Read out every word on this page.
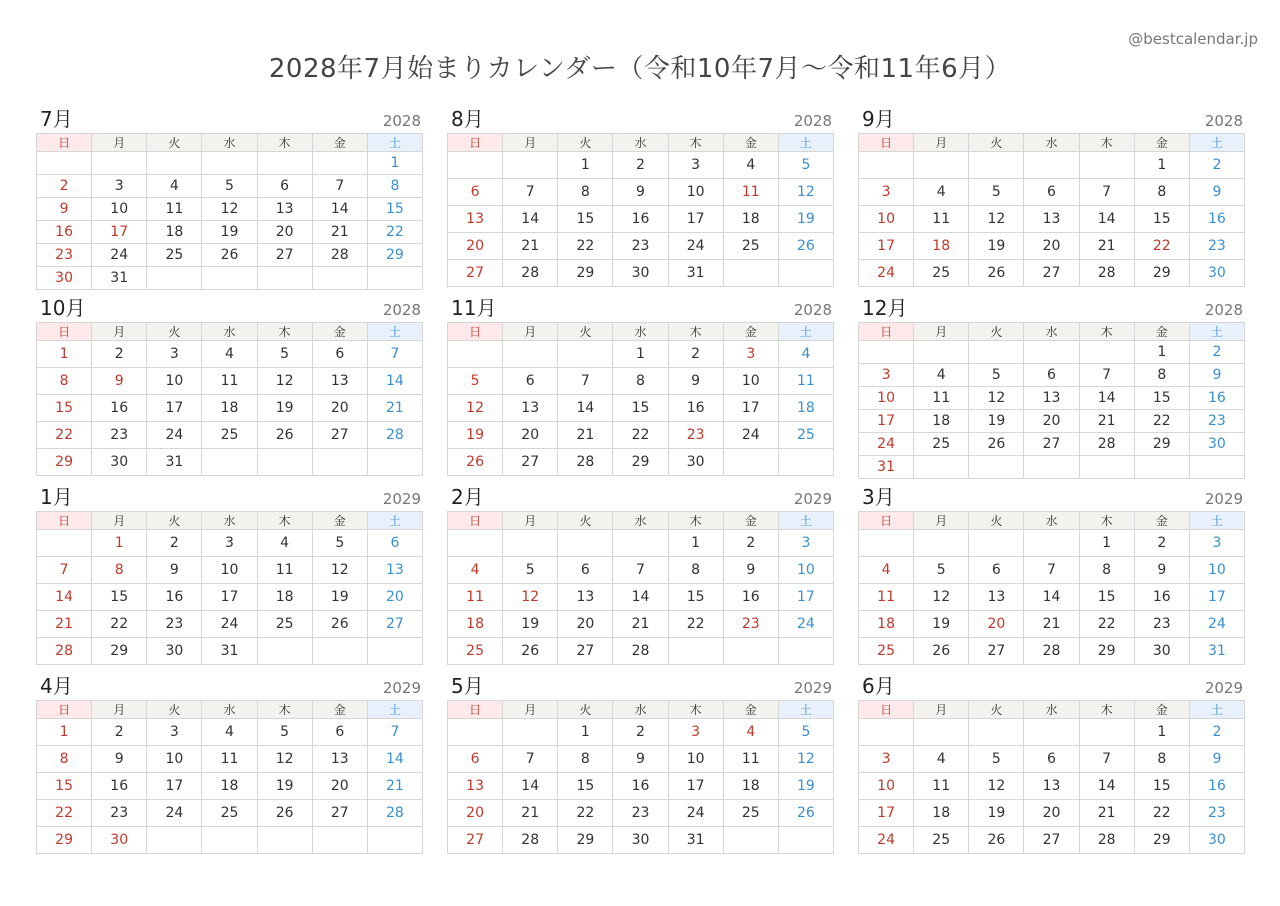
@bestcalendar.jp
2028年7月始まりカレンダー（令和10年7月〜令和11年6月）
7月	2028
日	月	火	水	木	金	土
						1
2	3	4	5	6	7	8
9	10	11	12	13	14	15
16	17	18	19	20	21	22
23	24	25	26	27	28	29
30	31					
8月	2028
日	月	火	水	木	金	土
		1	2	3	4	5
6	7	8	9	10	11	12
13	14	15	16	17	18	19
20	21	22	23	24	25	26
27	28	29	30	31		
9月	2028
日	月	火	水	木	金	土
					1	2
3	4	5	6	7	8	9
10	11	12	13	14	15	16
17	18	19	20	21	22	23
24	25	26	27	28	29	30
10月	2028
日	月	火	水	木	金	土
1	2	3	4	5	6	7
8	9	10	11	12	13	14
15	16	17	18	19	20	21
22	23	24	25	26	27	28
29	30	31				
11月	2028
日	月	火	水	木	金	土
			1	2	3	4
5	6	7	8	9	10	11
12	13	14	15	16	17	18
19	20	21	22	23	24	25
26	27	28	29	30		
12月	2028
日	月	火	水	木	金	土
					1	2
3	4	5	6	7	8	9
10	11	12	13	14	15	16
17	18	19	20	21	22	23
24	25	26	27	28	29	30
31						
1月	2029
日	月	火	水	木	金	土
	1	2	3	4	5	6
7	8	9	10	11	12	13
14	15	16	17	18	19	20
21	22	23	24	25	26	27
28	29	30	31			
2月	2029
日	月	火	水	木	金	土
				1	2	3
4	5	6	7	8	9	10
11	12	13	14	15	16	17
18	19	20	21	22	23	24
25	26	27	28			
3月	2029
日	月	火	水	木	金	土
				1	2	3
4	5	6	7	8	9	10
11	12	13	14	15	16	17
18	19	20	21	22	23	24
25	26	27	28	29	30	31
4月	2029
日	月	火	水	木	金	土
1	2	3	4	5	6	7
8	9	10	11	12	13	14
15	16	17	18	19	20	21
22	23	24	25	26	27	28
29	30					
5月	2029
日	月	火	水	木	金	土
		1	2	3	4	5
6	7	8	9	10	11	12
13	14	15	16	17	18	19
20	21	22	23	24	25	26
27	28	29	30	31		
6月	2029
日	月	火	水	木	金	土
					1	2
3	4	5	6	7	8	9
10	11	12	13	14	15	16
17	18	19	20	21	22	23
24	25	26	27	28	29	30
